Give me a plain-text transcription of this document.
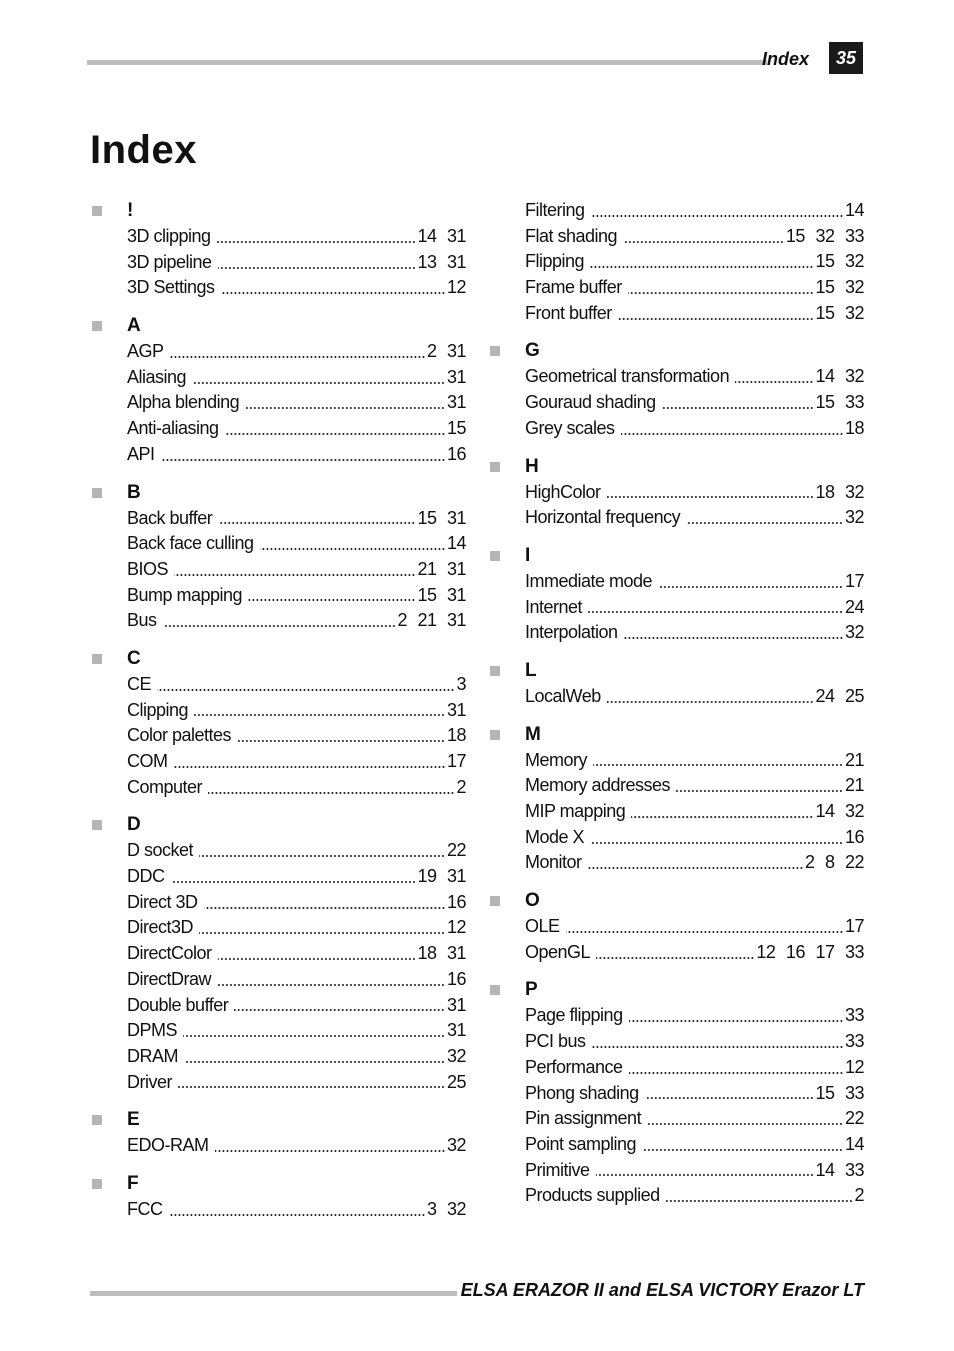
Index	35
Index
!
3D clipping	14 31
3D pipeline	13 31
3D Settings	12
A
AGP	2 31
Aliasing	31
Alpha blending	31
Anti-aliasing	15
API	16
B
Back buffer	15 31
Back face culling	14
BIOS	21 31
Bump mapping	15 31
Bus	2 21 31
C
CE	3
Clipping	31
Color palettes	18
COM	17
Computer	2
D
D socket	22
DDC	19 31
Direct 3D	16
Direct3D	12
DirectColor	18 31
DirectDraw	16
Double buffer	31
DPMS	31
DRAM	32
Driver	25
E
EDO-RAM	32
F
FCC	3 32
Filtering	14
Flat shading	15 32 33
Flipping	15 32
Frame buffer	15 32
Front buffer	15 32
G
Geometrical transformation	14 32
Gouraud shading	15 33
Grey scales	18
H
HighColor	18 32
Horizontal frequency	32
I
Immediate mode	17
Internet	24
Interpolation	32
L
LocalWeb	24 25
M
Memory	21
Memory addresses	21
MIP mapping	14 32
Mode X	16
Monitor	2 8 22
O
OLE	17
OpenGL	12 16 17 33
P
Page flipping	33
PCI bus	33
Performance	12
Phong shading	15 33
Pin assignment	22
Point sampling	14
Primitive	14 33
Products supplied	2
ELSA ERAZOR II and ELSA VICTORY Erazor LT
